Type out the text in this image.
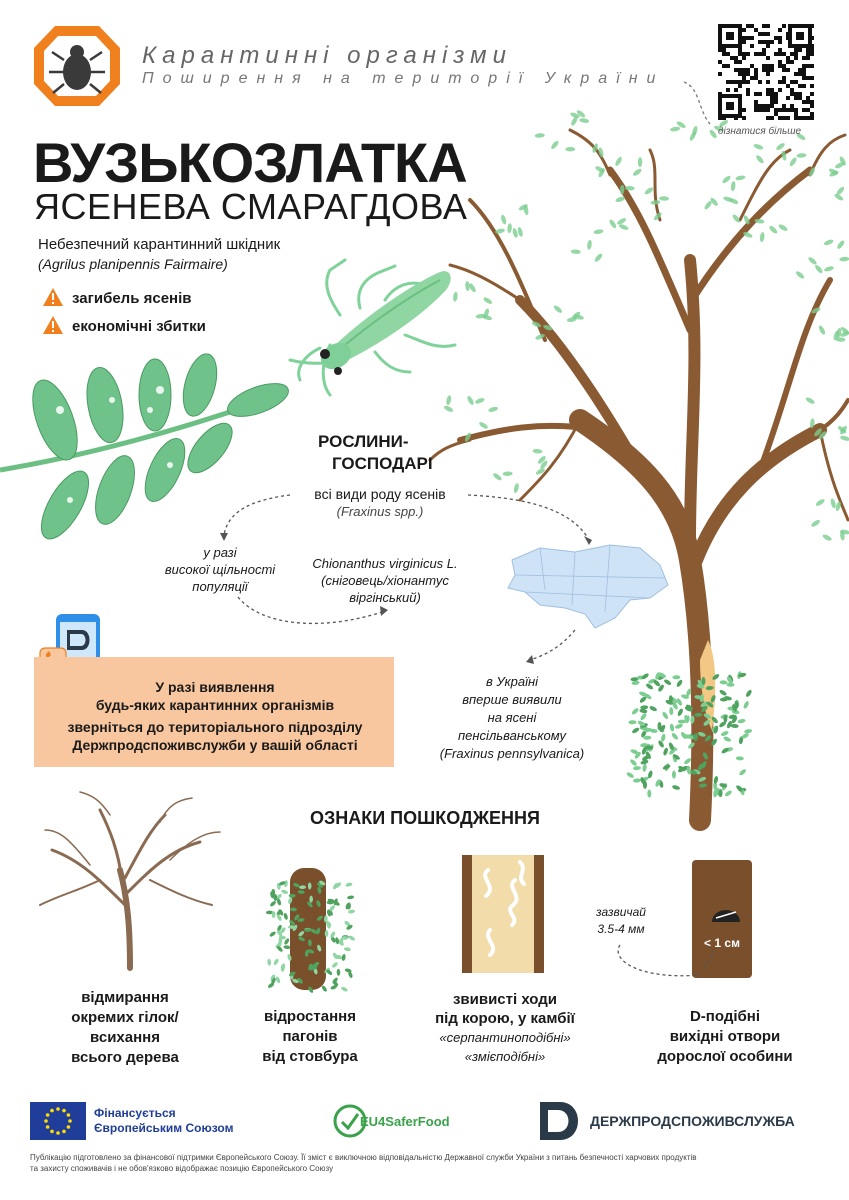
Карантинні організми
Поширення на території України
дізнатися більше
ВУЗЬКОЗЛАТКА
ЯСЕНЕВА СМАРАГДОВА
Небезпечний карантинний шкідник
(Agrilus planipennis Fairmaire)
загибель ясенів
економічні збитки
РОСЛИНИ-
ГОСПОДАРІ
всі види роду ясенів
(Fraxinus spp.)
у разі
високої щільності
популяції
Chionanthus virginicus L.
(сніговець/хіонантус
віргінський)
в Україні
вперше виявили
на ясені
пенсільванському
(Fraxinus pennsylvanica)
У разі виявлення
будь-яких карантинних організмів
зверніться до територіального підрозділу
Держпродспоживслужби у вашій області
ОЗНАКИ ПОШКОДЖЕННЯ
відмирання
окремих гілок/
всихання
всього дерева
відростання
пагонів
від стовбура
звивисті ходи
під корою, у камбії
«серпантиноподібні»
«змієподібні»
D-подібні
вихідні отвори
дорослої особини
зазвичай
3.5-4 мм
< 1 см
Фінансується
Європейським Союзом	EU4SaferFood	ДЕРЖПРОДСПОЖИВСЛУЖБА
Публікацію підготовлено за фінансової підтримки Європейського Союзу. Її зміст є виключною відповідальністю Державної служби України з питань безпечності харчових продуктів
та захисту споживачів і не обов'язково відображає позицію Європейського Союзу
